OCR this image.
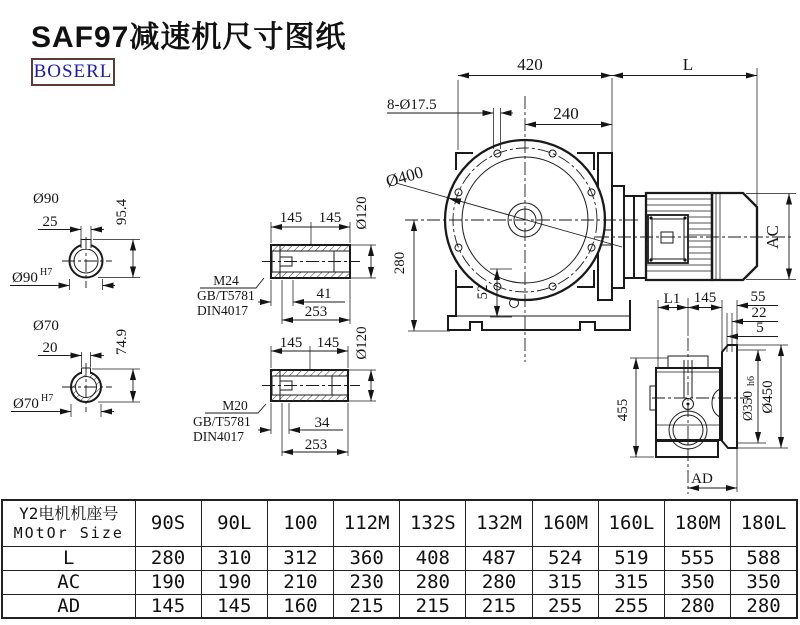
SAF97减速机尺寸图纸
BOSERL	420	L
240
8-Ø17.5
Ø400
280
52
Ø90
25	95.4
Ø90 H7
Ø70
20	74.9
Ø70 H7
145 145 Ø120
M24
GB/T5781
DIN4017
41
253
145 145 Ø120
M20
GB/T5781
DIN4017
34
253
AC
455
L1 145 55
22
5
Ø350
h6 Ø450
AD
Y2电机机座号
MOtOr Size	90S	90L	100	112M	132S	132M	160M	160L	180M	180L
L	280	310	312	360	408	487	524	519	555	588
AC	190	190	210	230	280	280	315	315	350	350
AD	145	145	160	215	215	215	255	255	280	280
